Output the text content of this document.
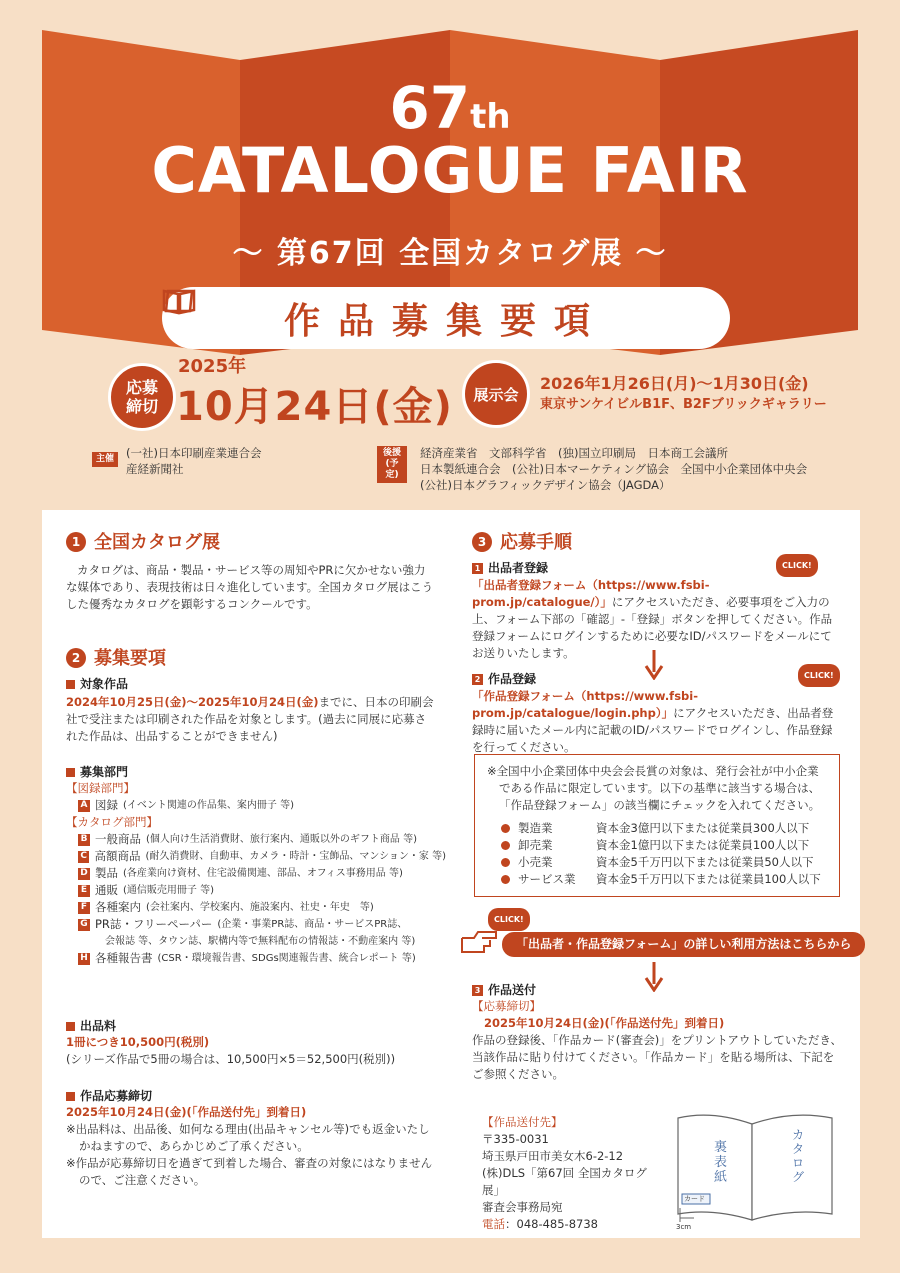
67th
CATALOGUE FAIR
〜 第67回 全国カタログ展 〜
作品募集要項
応募
締切
2025年
10月24日(金)	展示会
2026年1月26日(月)〜1月30日(金)
東京サンケイビルB1F、B2Fブリックギャラリー
主催	(一社)日本印刷産業連合会
産経新聞社
後援(予定)
経済産業省　文部科学省　(独)国立印刷局　日本商工会議所
日本製紙連合会　(公社)日本マーケティング協会　全国中小企業団体中央会
(公社)日本グラフィックデザイン協会（JAGDA）
1 全国カタログ展
カタログは、商品・製品・サービス等の周知やPRに欠かせない強力な媒体であり、表現技術は日々進化しています。全国カタログ展はこうした優秀なカタログを顕彰するコンクールです。
2 募集要項
対象作品
2024年10月25日(金)〜2025年10月24日(金)までに、日本の印刷会社で受注または印刷された作品を対象とします。(過去に同展に応募された作品は、出品することができません)
募集部門
【図録部門】
A 図録 (イベント関連の作品集、案内冊子 等)
【カタログ部門】
B 一般商品 (個人向け生活消費財、旅行案内、通販以外のギフト商品 等)
C 高額商品 (耐久消費財、自動車、カメラ・時計・宝飾品、マンション・家 等)
D 製品 (各産業向け資材、住宅設備関連、部品、オフィス事務用品 等)
E 通販 (通信販売用冊子 等)
F 各種案内 (会社案内、学校案内、施設案内、社史・年史　等)
G PR誌・フリーペーパー (企業・事業PR誌、商品・サービスPR誌、
会報誌 等、タウン誌、駅構内等で無料配布の情報誌・不動産案内 等)
H 各種報告書 (CSR・環境報告書、SDGs関連報告書、統合レポート 等)
出品料
1冊につき10,500円(税別)
(シリーズ作品で5冊の場合は、10,500円×5＝52,500円(税別))
作品応募締切
2025年10月24日(金)(「作品送付先」到着日)
※出品料は、出品後、如何なる理由(出品キャンセル等)でも返金いたしかねますので、あらかじめご了承ください。
※作品が応募締切日を過ぎて到着した場合、審査の対象にはなりませんので、ご注意ください。
3 応募手順
CLICK!
1 出品者登録
「出品者登録フォーム（https://www.fsbi-prom.jp/catalogue/）」にアクセスいただき、必要事項をご入力の上、フォーム下部の「確認」-「登録」ボタンを押してください。作品登録フォームにログインするために必要なID/パスワードをメールにてお送りいたします。
CLICK!
2 作品登録
「作品登録フォーム（https://www.fsbi-prom.jp/catalogue/login.php）」にアクセスいただき、出品者登録時に届いたメール内に記載のID/パスワードでログインし、作品登録を行ってください。
※全国中小企業団体中央会会長賞の対象は、発行会社が中小企業である作品に限定しています。以下の基準に該当する場合は、「作品登録フォーム」の該当欄にチェックを入れてください。
製造業	資本金3億円以下または従業員300人以下
卸売業	資本金1億円以下または従業員100人以下
小売業	資本金5千万円以下または従業員50人以下
サービス業	資本金5千万円以下または従業員100人以下
CLICK!
「出品者・作品登録フォーム」の詳しい利用方法はこちらから
3 作品送付
【応募締切】
2025年10月24日(金)(「作品送付先」到着日)
作品の登録後、「作品カード(審査会)」をプリントアウトしていただき、当該作品に貼り付けてください。「作品カード」を貼る場所は、下記をご参照ください。
【作品送付先】
〒335-0031
埼玉県戸田市美女木6-2-12
(株)DLS「第67回 全国カタログ展」
審査会事務局宛
電話：048-485-8738
裏表紙
カタログ
カード
3cm
